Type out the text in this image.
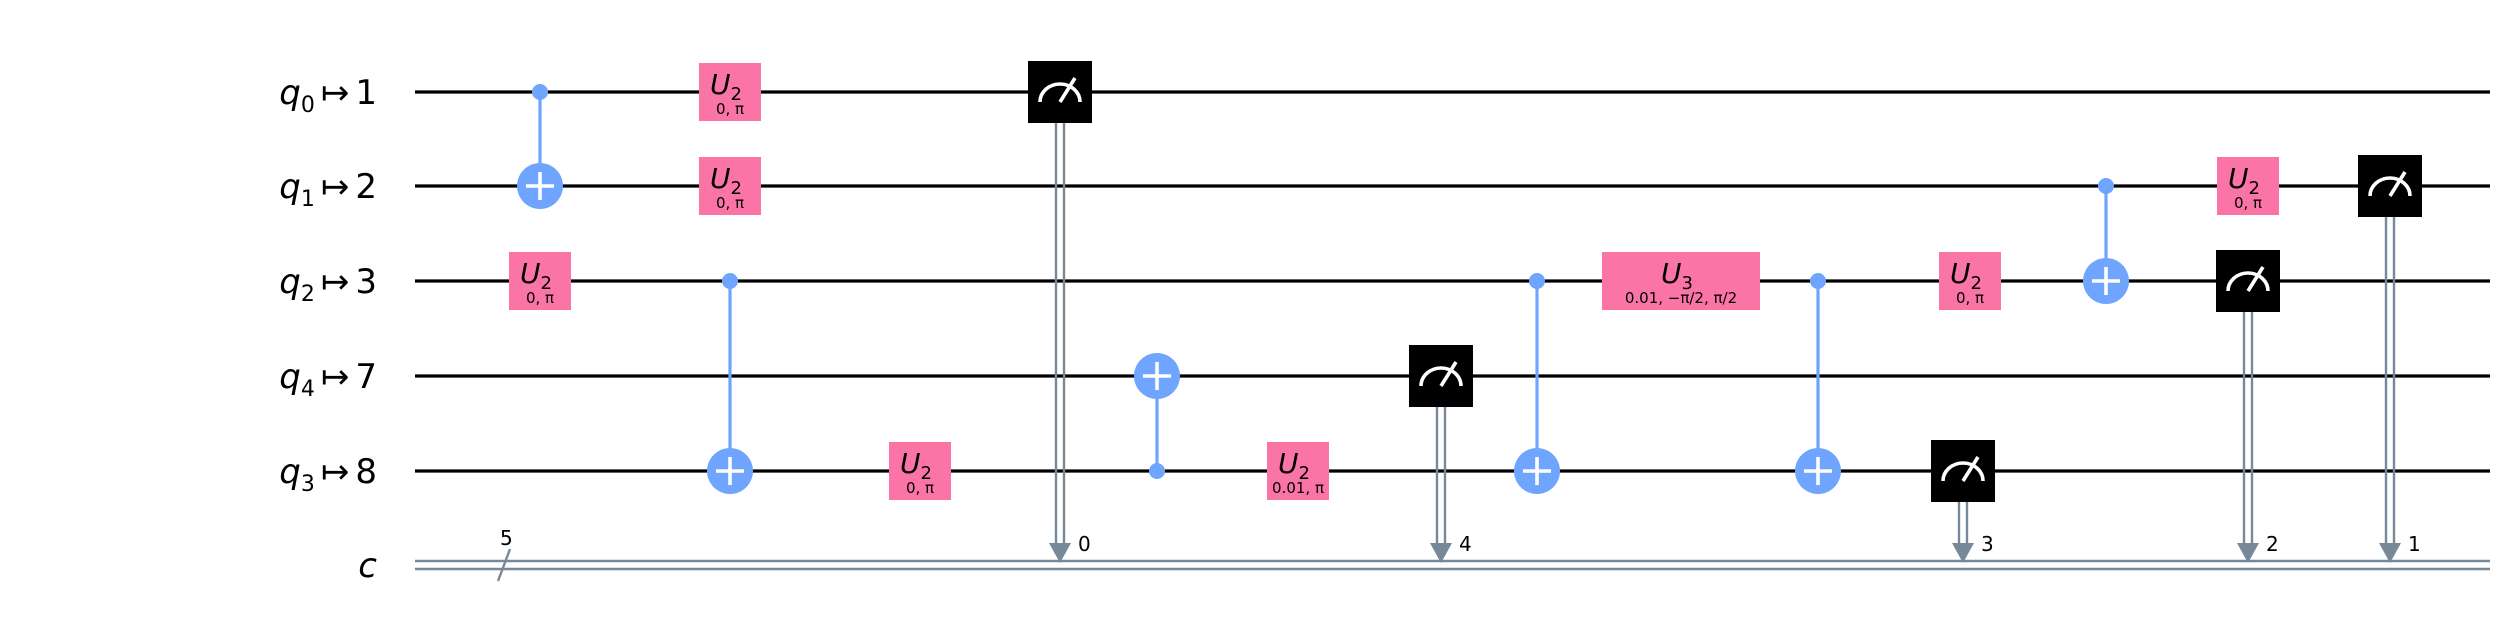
$U_2$
0, π
$U_2$
0, π
$U_2$
0, π
$U_2$
0, π
$U_2$
0.01, π
$U_3$
0.01, −π/2, π/2
$U_2$
0, π
$U_2$
0, π
$q_0$ ↦ 1
$q_1$ ↦ 2
$q_2$ ↦ 3
$q_4$ ↦ 7
$q_3$ ↦ 8
c
5	0	4	3	2	1
